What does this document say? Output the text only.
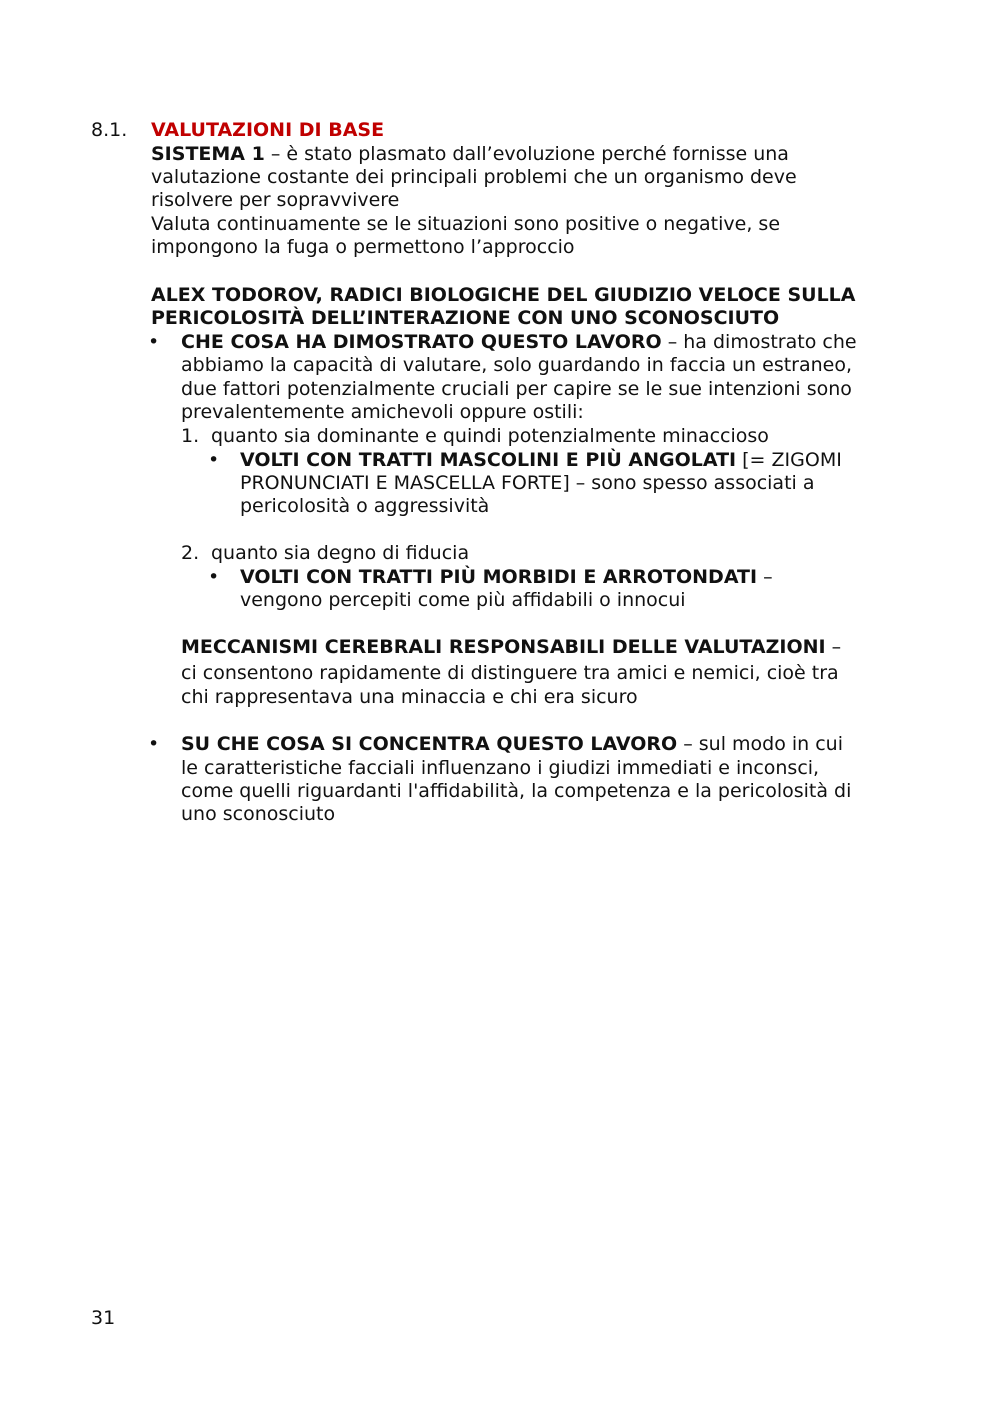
8.1. VALUTAZIONI DI BASE
SISTEMA 1 – è stato plasmato dall’evoluzione perché fornisse una
valutazione costante dei principali problemi che un organismo deve
risolvere per sopravvivere
Valuta continuamente se le situazioni sono positive o negative, se
impongono la fuga o permettono l’approccio
ALEX TODOROV, RADICI BIOLOGICHE DEL GIUDIZIO VELOCE SULLA
PERICOLOSITÀ DELL’INTERAZIONE CON UNO SCONOSCIUTO
• CHE COSA HA DIMOSTRATO QUESTO LAVORO – ha dimostrato che
abbiamo la capacità di valutare, solo guardando in faccia un estraneo,
due fattori potenzialmente cruciali per capire se le sue intenzioni sono
prevalentemente amichevoli oppure ostili:
1. quanto sia dominante e quindi potenzialmente minaccioso
• VOLTI CON TRATTI MASCOLINI E PIÙ ANGOLATI [= ZIGOMI
PRONUNCIATI E MASCELLA FORTE] – sono spesso associati a
pericolosità o aggressività
2. quanto sia degno di fiducia
• VOLTI CON TRATTI PIÙ MORBIDI E ARROTONDATI –
vengono percepiti come più affidabili o innocui
MECCANISMI CEREBRALI RESPONSABILI DELLE VALUTAZIONI –
ci consentono rapidamente di distinguere tra amici e nemici, cioè tra
chi rappresentava una minaccia e chi era sicuro
• SU CHE COSA SI CONCENTRA QUESTO LAVORO – sul modo in cui
le caratteristiche facciali influenzano i giudizi immediati e inconsci,
come quelli riguardanti l'affidabilità, la competenza e la pericolosità di
uno sconosciuto
31
